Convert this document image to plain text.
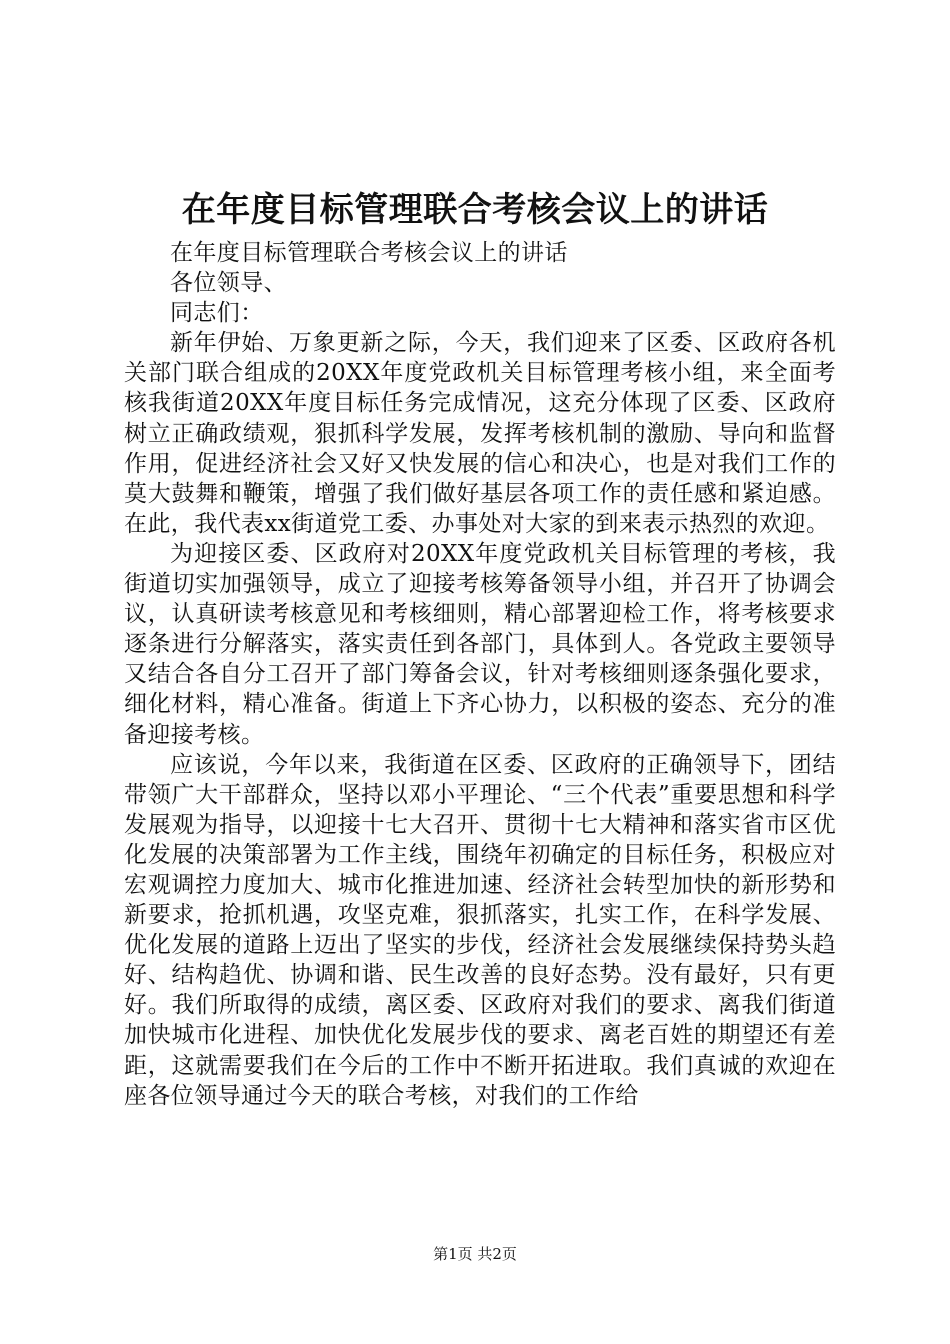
在年度目标管理联合考核会议上的讲话

在年度目标管理联合考核会议上的讲话

各位领导、

同志们：

新年伊始、万象更新之际，今天，我们迎来了区委、区政府各机关部门联合组成的20XX年度党政机关目标管理考核小组，来全面考核我街道20XX年度目标任务完成情况，这充分体现了区委、区政府树立正确政绩观，狠抓科学发展，发挥考核机制的激励、导向和监督作用，促进经济社会又好又快发展的信心和决心，也是对我们工作的莫大鼓舞和鞭策，增强了我们做好基层各项工作的责任感和紧迫感。在此，我代表xx街道党工委、办事处对大家的到来表示热烈的欢迎。

为迎接区委、区政府对20XX年度党政机关目标管理的考核，我街道切实加强领导，成立了迎接考核筹备领导小组，并召开了协调会议，认真研读考核意见和考核细则，精心部署迎检工作，将考核要求逐条进行分解落实，落实责任到各部门，具体到人。各党政主要领导又结合各自分工召开了部门筹备会议，针对考核细则逐条强化要求，细化材料，精心准备。街道上下齐心协力，以积极的姿态、充分的准备迎接考核。

应该说，今年以来，我街道在区委、区政府的正确领导下，团结带领广大干部群众，坚持以邓小平理论、“三个代表”重要思想和科学发展观为指导，以迎接十七大召开、贯彻十七大精神和落实省市区优化发展的决策部署为工作主线，围绕年初确定的目标任务，积极应对宏观调控力度加大、城市化推进加速、经济社会转型加快的新形势和新要求，抢抓机遇，攻坚克难，狠抓落实，扎实工作，在科学发展、优化发展的道路上迈出了坚实的步伐，经济社会发展继续保持势头趋好、结构趋优、协调和谐、民生改善的良好态势。没有最好，只有更好。我们所取得的成绩，离区委、区政府对我们的要求、离我们街道加快城市化进程、加快优化发展步伐的要求、离老百姓的期望还有差距，这就需要我们在今后的工作中不断开拓进取。我们真诚的欢迎在座各位领导通过今天的联合考核，对我们的工作给

第1页 共2页
